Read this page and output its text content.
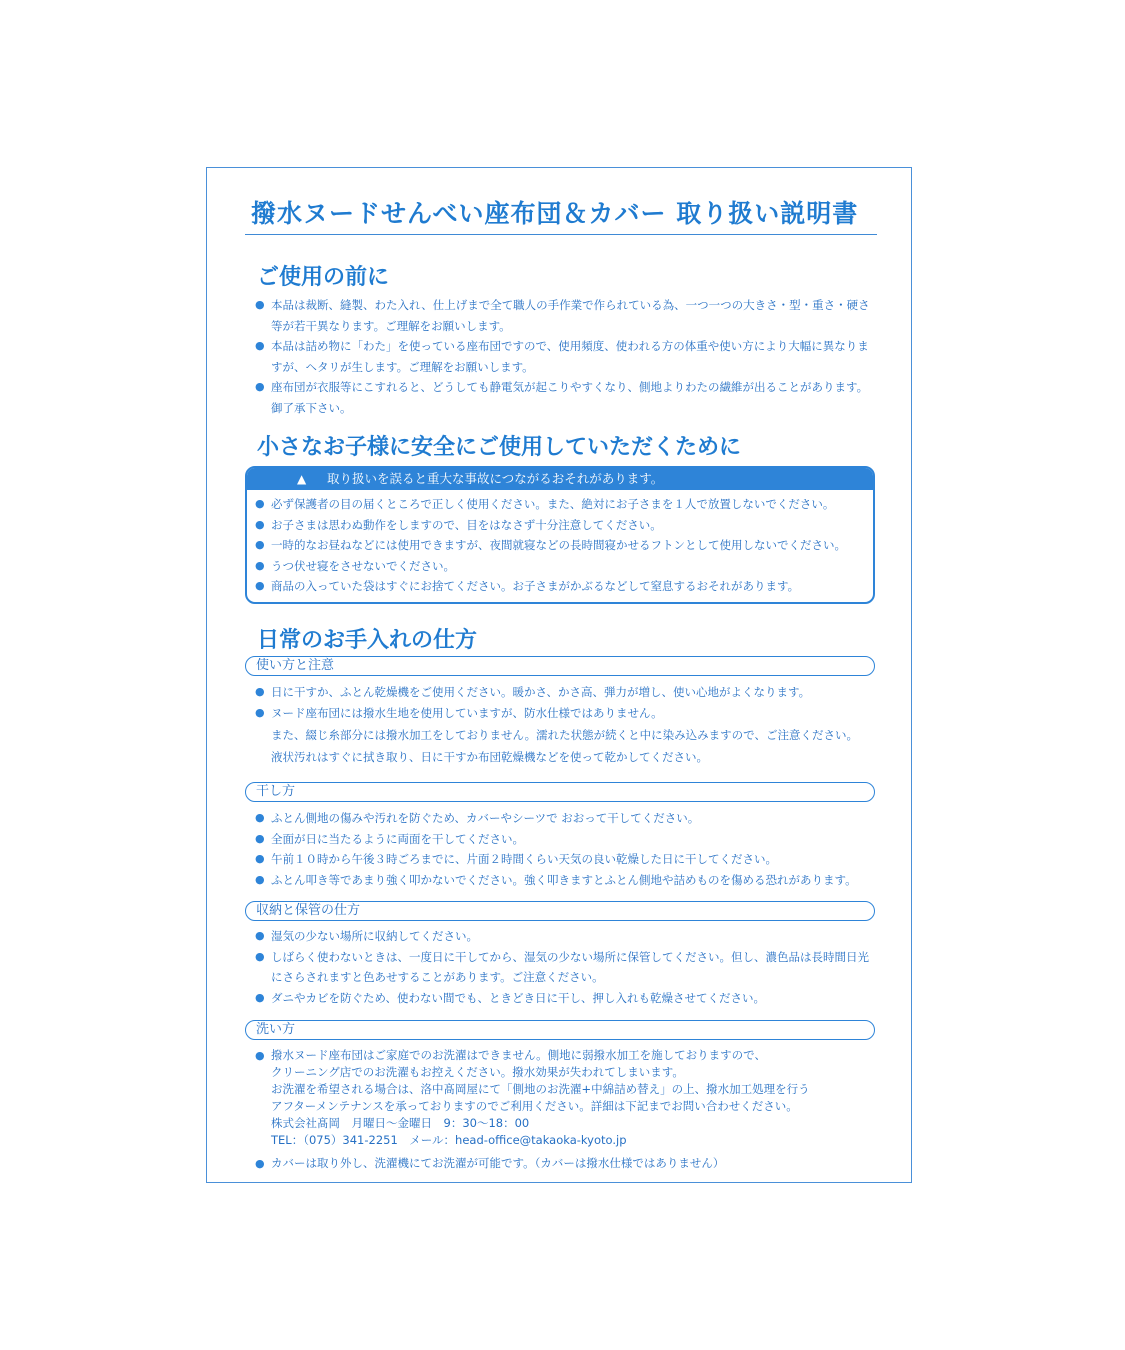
撥水ヌードせんべい座布団＆カバー 取り扱い説明書
ご使用の前に
● 本品は裁断、縫製、わた入れ、仕上げまで全て職人の手作業で作られている為、一つ一つの大きさ・型・重さ・硬さ等が若干異なります。ご理解をお願いします。
● 本品は詰め物に「わた」を使っている座布団ですので、使用頻度、使われる方の体重や使い方により大幅に異なりますが、ヘタリが生します。ご理解をお願いします。
● 座布団が衣服等にこすれると、どうしても静電気が起こりやすくなり、側地よりわたの繊維が出ることがあります。御了承下さい。
小さなお子様に安全にご使用していただくために
▲ 取り扱いを誤ると重大な事故につながるおそれがあります。
● 必ず保護者の目の届くところで正しく使用ください。また、絶対にお子さまを１人で放置しないでください。
● お子さまは思わぬ動作をしますので、目をはなさず十分注意してください。
● 一時的なお昼ねなどには使用できますが、夜間就寝などの長時間寝かせるフトンとして使用しないでください。
● うつ伏せ寝をさせないでください。
● 商品の入っていた袋はすぐにお捨てください。お子さまがかぶるなどして窒息するおそれがあります。
日常のお手入れの仕方
使い方と注意
● 日に干すか、ふとん乾燥機をご使用ください。暖かさ、かさ高、弾力が増し、使い心地がよくなります。
● ヌード座布団には撥水生地を使用していますが、防水仕様ではありません。
また、綴じ糸部分には撥水加工をしておりません。濡れた状態が続くと中に染み込みますので、ご注意ください。
液状汚れはすぐに拭き取り、日に干すか布団乾燥機などを使って乾かしてください。
干し方
● ふとん側地の傷みや汚れを防ぐため、カバーやシーツで おおって干してください。
● 全面が日に当たるように両面を干してください。
● 午前１０時から午後３時ごろまでに、片面２時間くらい天気の良い乾燥した日に干してください。
● ふとん叩き等であまり強く叩かないでください。強く叩きますとふとん側地や詰めものを傷める恐れがあります。
収納と保管の仕方
● 湿気の少ない場所に収納してください。
● しばらく使わないときは、一度日に干してから、湿気の少ない場所に保管してください。但し、濃色品は長時間日光にさらされますと色あせすることがあります。ご注意ください。
● ダニやカビを防ぐため、使わない間でも、ときどき日に干し、押し入れも乾燥させてください。
洗い方
● 撥水ヌード座布団はご家庭でのお洗濯はできません。側地に弱撥水加工を施しておりますので、
クリーニング店でのお洗濯もお控えください。撥水効果が失われてしまいます。
お洗濯を希望される場合は、洛中髙岡屋にて「側地のお洗濯+中綿詰め替え」の上、撥水加工処理を行う
アフターメンテナンスを承っておりますのでご利用ください。詳細は下記までお問い合わせください。
株式会社髙岡　月曜日～金曜日　9：30～18：00
TEL：（075）341-2251　メール：head-office@takaoka-kyoto.jp
● カバーは取り外し、洗濯機にてお洗濯が可能です。（カバーは撥水仕様ではありません）
